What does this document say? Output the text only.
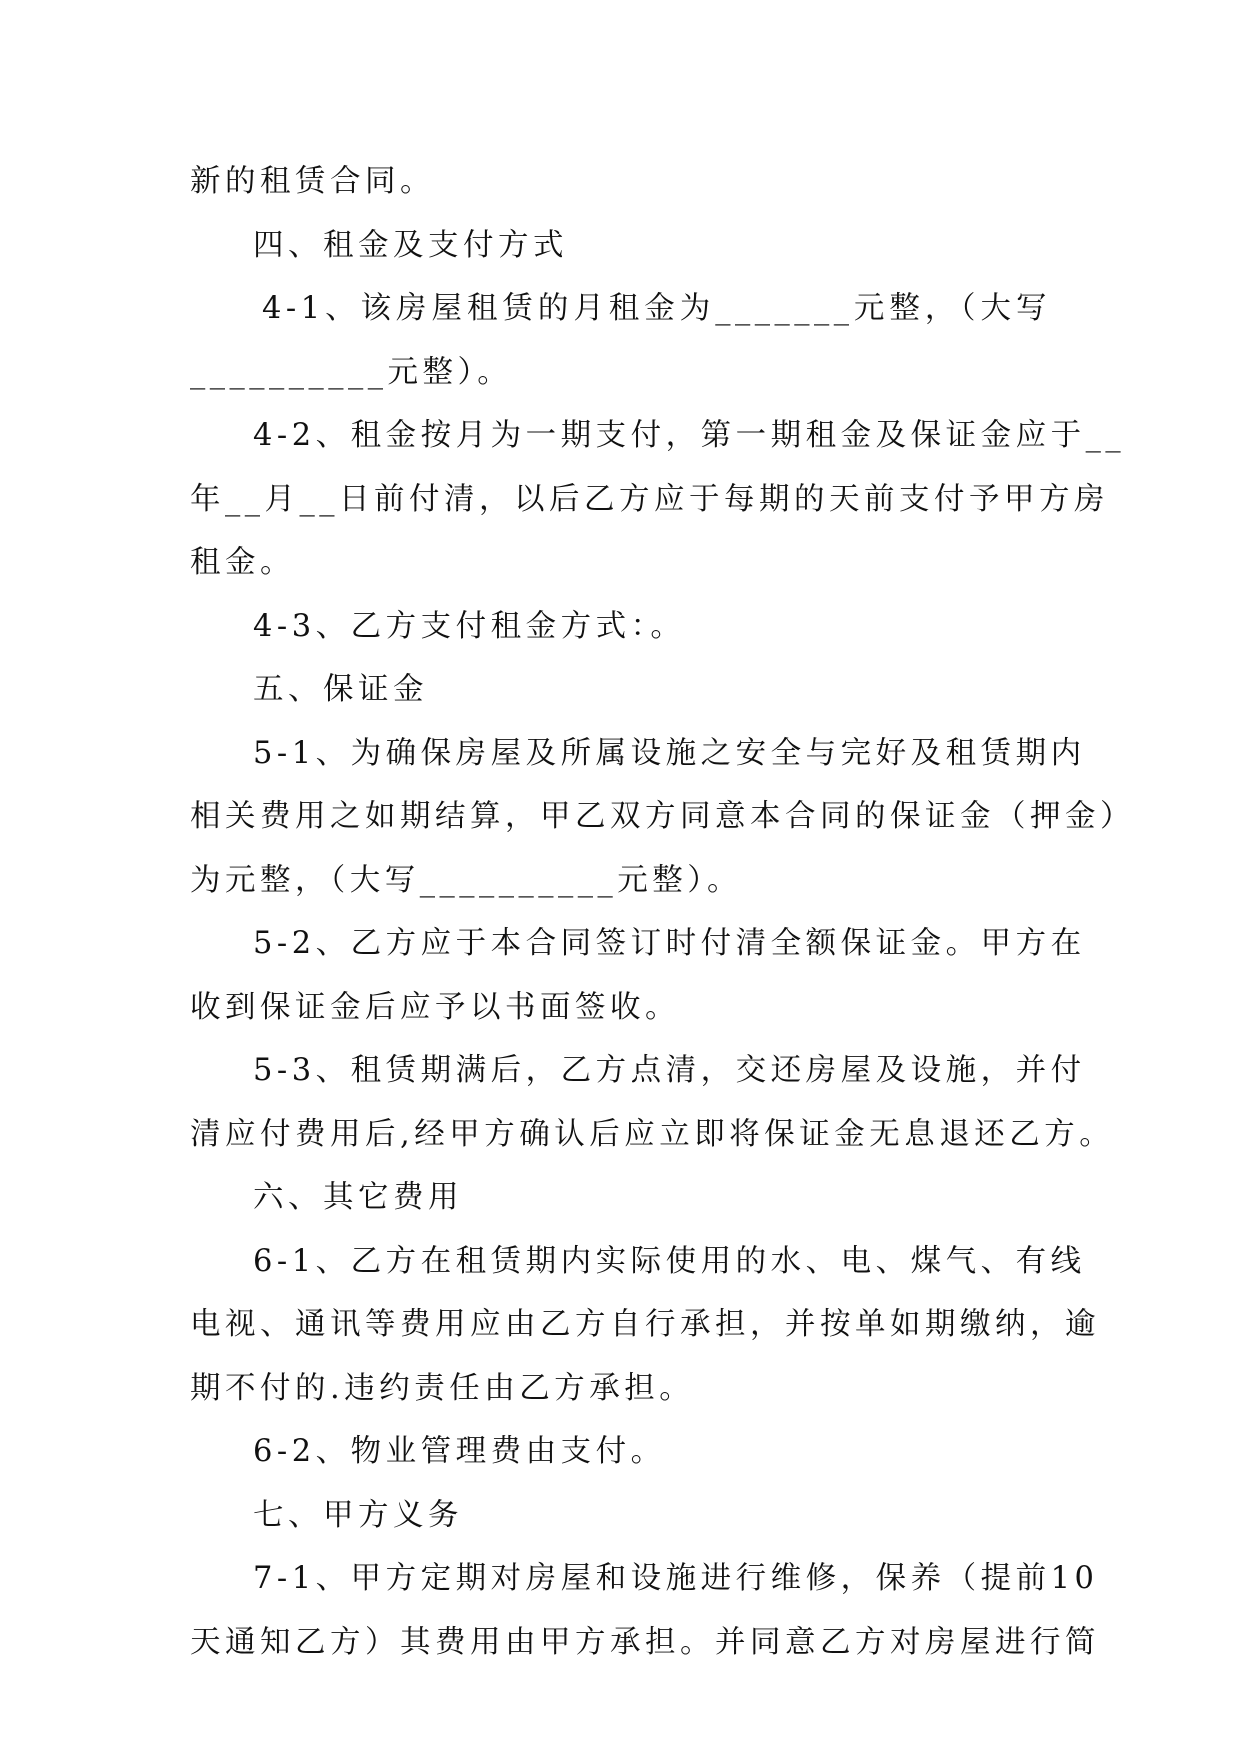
新的租赁合同。

四、租金及支付方式

4-1、该房屋租赁的月租金为_______元整，（大写

__________元整）。

4-2、租金按月为一期支付，第一期租金及保证金应于__

年__月__日前付清，以后乙方应于每期的天前支付予甲方房

租金。

4-3、乙方支付租金方式：。

五、保证金

5-1、为确保房屋及所属设施之安全与完好及租赁期内

相关费用之如期结算，甲乙双方同意本合同的保证金（押金）

为元整，（大写__________元整）。

5-2、乙方应于本合同签订时付清全额保证金。甲方在

收到保证金后应予以书面签收。

5-3、租赁期满后，乙方点清，交还房屋及设施，并付

清应付费用后,经甲方确认后应立即将保证金无息退还乙方。

六、其它费用

6-1、乙方在租赁期内实际使用的水、电、煤气、有线

电视、通讯等费用应由乙方自行承担，并按单如期缴纳，逾

期不付的.违约责任由乙方承担。

6-2、物业管理费由支付。

七、甲方义务

7-1、甲方定期对房屋和设施进行维修，保养（提前10

天通知乙方）其费用由甲方承担。并同意乙方对房屋进行简
